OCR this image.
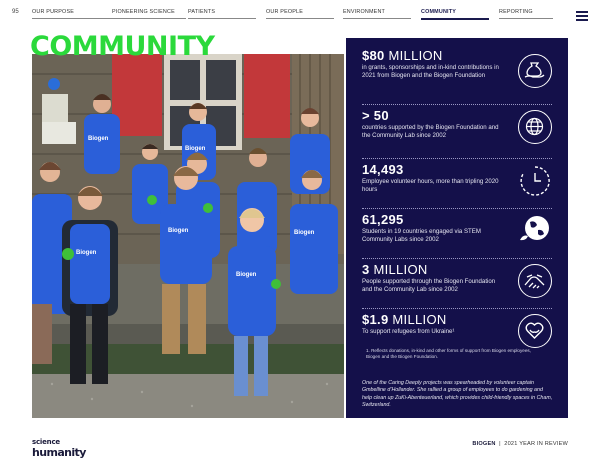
95 OUR PURPOSE	PIONEERING SCIENCE PATIENTS	OUR PEOPLE	ENVIRONMENT	COMMUNITY	REPORTING
Biogen
Biogen
Biogen
Biogen
Biogen
Biogen
COMMUNITY	$80 MILLION
in grants, sponsorships and in-kind contributions in 2021 from Biogen and the Biogen Foundation
> 50
countries supported by the Biogen Foundation and the Community Lab since 2002
14,493
Employee volunteer hours, more than tripling 2020 hours
61,295
Students in 19 countries engaged via STEM Community Labs since 2002
3 MILLION
People supported through the Biogen Foundation and the Community Lab since 2002
$1.9 MILLION
To support refugees from Ukraine¹
1. Reflects donations, in-kind and other forms of support from Biogen employees, Biogen and the Biogen Foundation.
One of the Caring Deeply projects was spearheaded by volunteer captain Gmbelline d’Hollander. She rallied a group of employees to do gardening and help clean up ZuKi-Abenteuerland, which provides child-friendly spaces in Cham, Switzerland.
science
humanity
BIOGEN  |  2021 YEAR IN REVIEW
